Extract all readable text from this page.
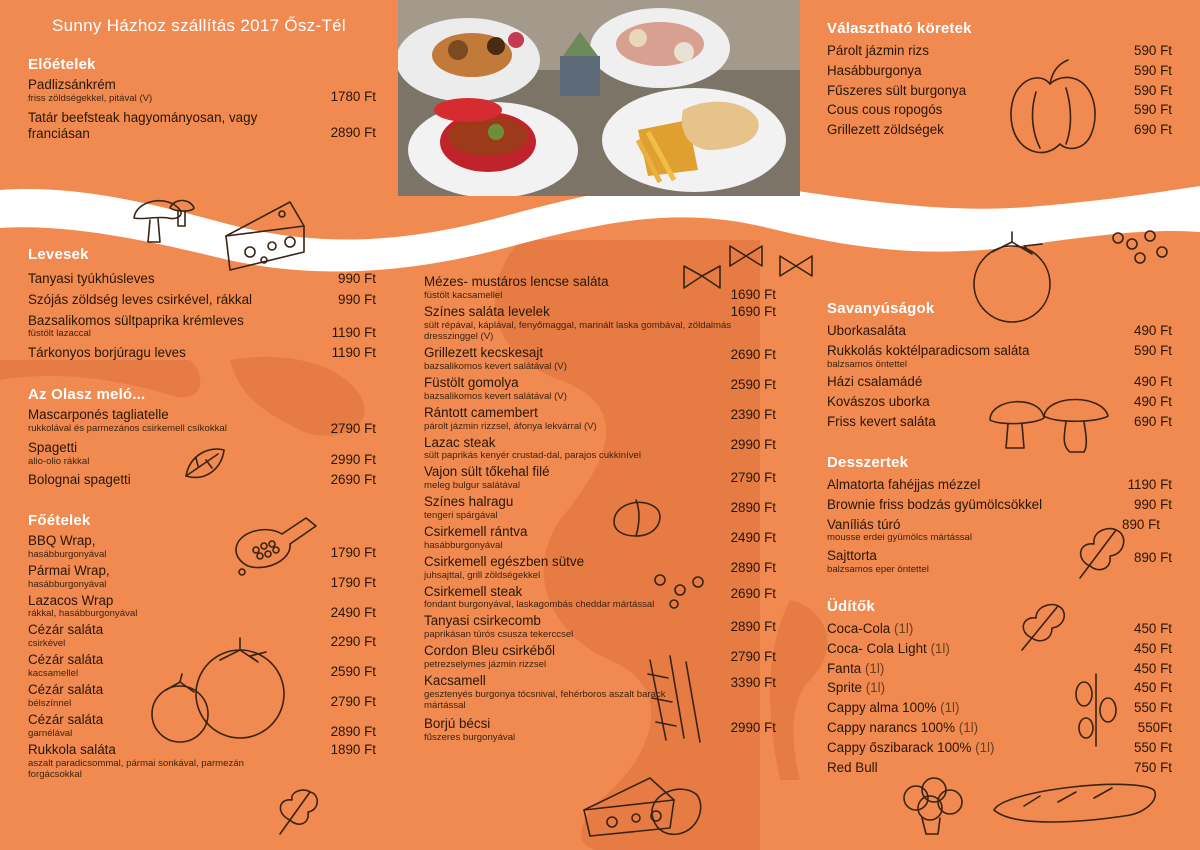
Sunny Házhoz szállítás 2017 Ősz-Tél
Előételek
Padlizsánkrém
friss zöldségekkel, pitával (V)	1780 Ft
Tatár beefsteak hagyományosan, vagy franciásan	2890 Ft
Levesek
Tanyasi tyúkhúsleves	990 Ft
Szójás zöldség leves csirkével, rákkal	990 Ft
Bazsalikomos sültpaprika krémleves
füstölt lazaccal	1190 Ft
Tárkonyos borjúragu leves	1190 Ft
Az Olasz meló...
Mascarponés tagliatelle
rukkolával és parmezános csirkemell csíkokkal	2790 Ft
Spagetti
alio-olio rákkal	2990 Ft
Bolognai spagetti	2690 Ft
Főételek
BBQ Wrap,
hasábburgonyával	1790 Ft
Pármai Wrap,
hasábburgonyával	1790 Ft
Lazacos Wrap
rákkal, hasábburgonyával	2490 Ft
Cézár saláta
csirkével	2290 Ft
Cézár saláta
kacsamellel	2590 Ft
Cézár saláta
bélszínnel	2790 Ft
Cézár saláta
garnélával	2890 Ft
Rukkola saláta
aszalt paradicsommal, pármai sonkával, parmezán forgácsokkal
1890 Ft
Mézes- mustáros lencse saláta
füstölt kacsamellel	1690 Ft
Színes saláta levelek
sült répával, káplával, fenyőmaggal, marinált laska gombával, zöldalmás dresszinggel (V)
1690 Ft
Grillezett kecskesajt
bazsalikomos kevert salátával (V)
2690 Ft
Füstölt gomolya
bazsalikomos kevert salátával (V)
2590 Ft
Rántott camembert
párolt jázmin rizzsel, áfonya lekvárral (V)
2390 Ft
Lazac steak
sült paprikás kenyér crustad-dal, parajos cukkinível
2990 Ft
Vajon sült tőkehal filé
meleg bulgur salátával
2790 Ft
Színes halragu
tengeri spárgával
2890 Ft
Csirkemell rántva
hasábburgonyával
2490 Ft
Csirkemell egészben sütve
juhsajttal, grill zöldségekkel
2890 Ft
Csirkemell steak
fondant burgonyával, laskagombás cheddar mártással
2690 Ft
Tanyasi csirkecomb
paprikásan túrós csusza tekerccsel
2890 Ft
Cordon Bleu csirkéből
petrezselymes jázmin rizzsel
2790 Ft
Kacsamell
gesztenyés burgonya tócsnival, fehérboros aszalt barack mártással
3390 Ft
Borjú bécsi
fűszeres burgonyával
2990 Ft
Választható köretek
Párolt jázmin rizs	590 Ft
Hasábburgonya	590 Ft
Fűszeres sült burgonya	590 Ft
Cous cous ropogós	590 Ft
Grillezett zöldségek	690 Ft
Savanyúságok
Uborkasaláta	490 Ft
Rukkolás koktélparadicsom saláta
balzsamos öntettel
590 Ft
Házi csalamádé	490 Ft
Kovászos uborka	490 Ft
Friss kevert saláta	690 Ft
Desszertek
Almatorta fahéjjas mézzel	1190 Ft
Brownie friss bodzás gyümölcsökkel	990 Ft
Vaníliás túró
mousse erdei gyümölcs mártással
890 Ft
Sajttorta
balzsamos eper öntettel
890 Ft
Üdítők
Coca-Cola (1l)	450 Ft
Coca- Cola Light (1l)	450 Ft
Fanta (1l)	450 Ft
Sprite (1l)	450 Ft
Cappy alma 100% (1l)	550 Ft
Cappy narancs 100% (1l)	550Ft
Cappy őszibarack 100% (1l)	550 Ft
Red Bull	750 Ft
